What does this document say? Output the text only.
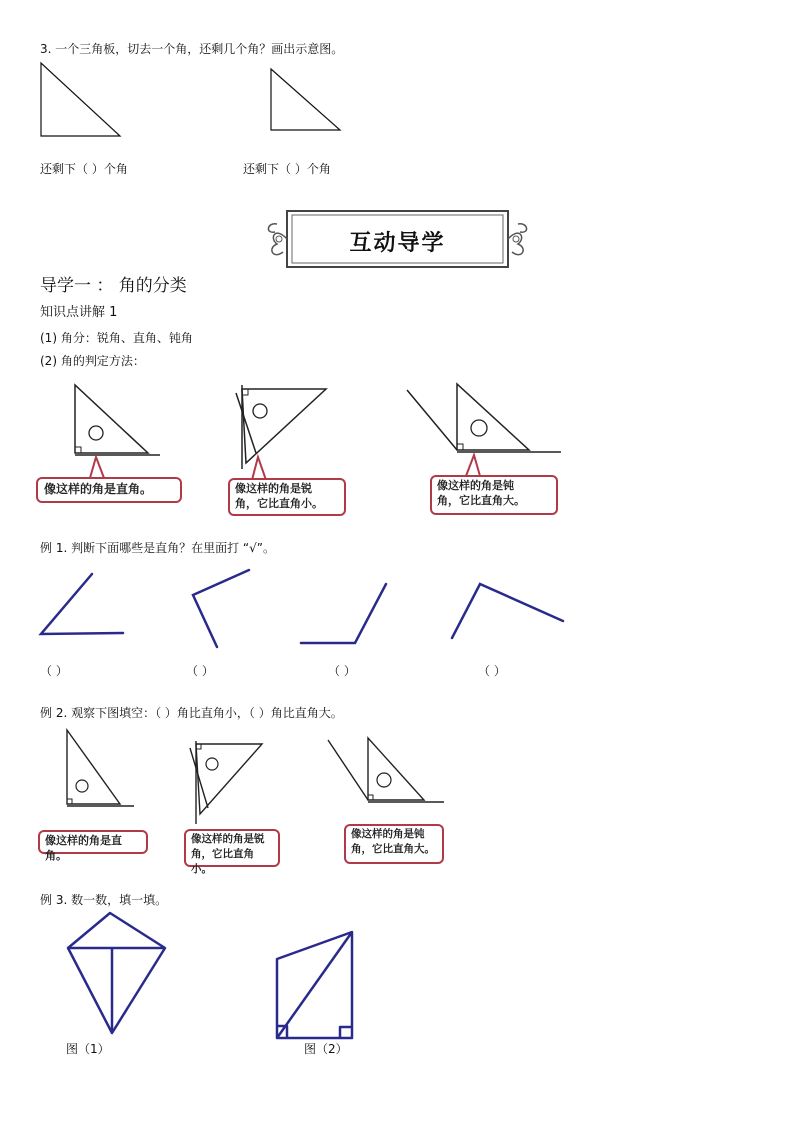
3. 一个三角板，切去一个角，还剩几个角？画出示意图。
还剩下（ ）个角	还剩下（ ）个角
互动导学
导学一 ： 角的分类
知识点讲解 1
(1) 角分：锐角、直角、钝角
(2) 角的判定方法：
像这样的角是直角。	像这样的角是锐
角，它比直角小。
像这样的角是钝
角，它比直角大。
例 1. 判断下面哪些是直角？在里面打 “√”。
（ ）	（ ）	（ ）	（ ）
例 2. 观察下图填空：（ ）角比直角小，（ ）角比直角大。
像这样的角是直角。
像这样的角是锐
角，它比直角小。
像这样的角是钝
角，它比直角大。
例 3. 数一数，填一填。
图（1）	图（2）
